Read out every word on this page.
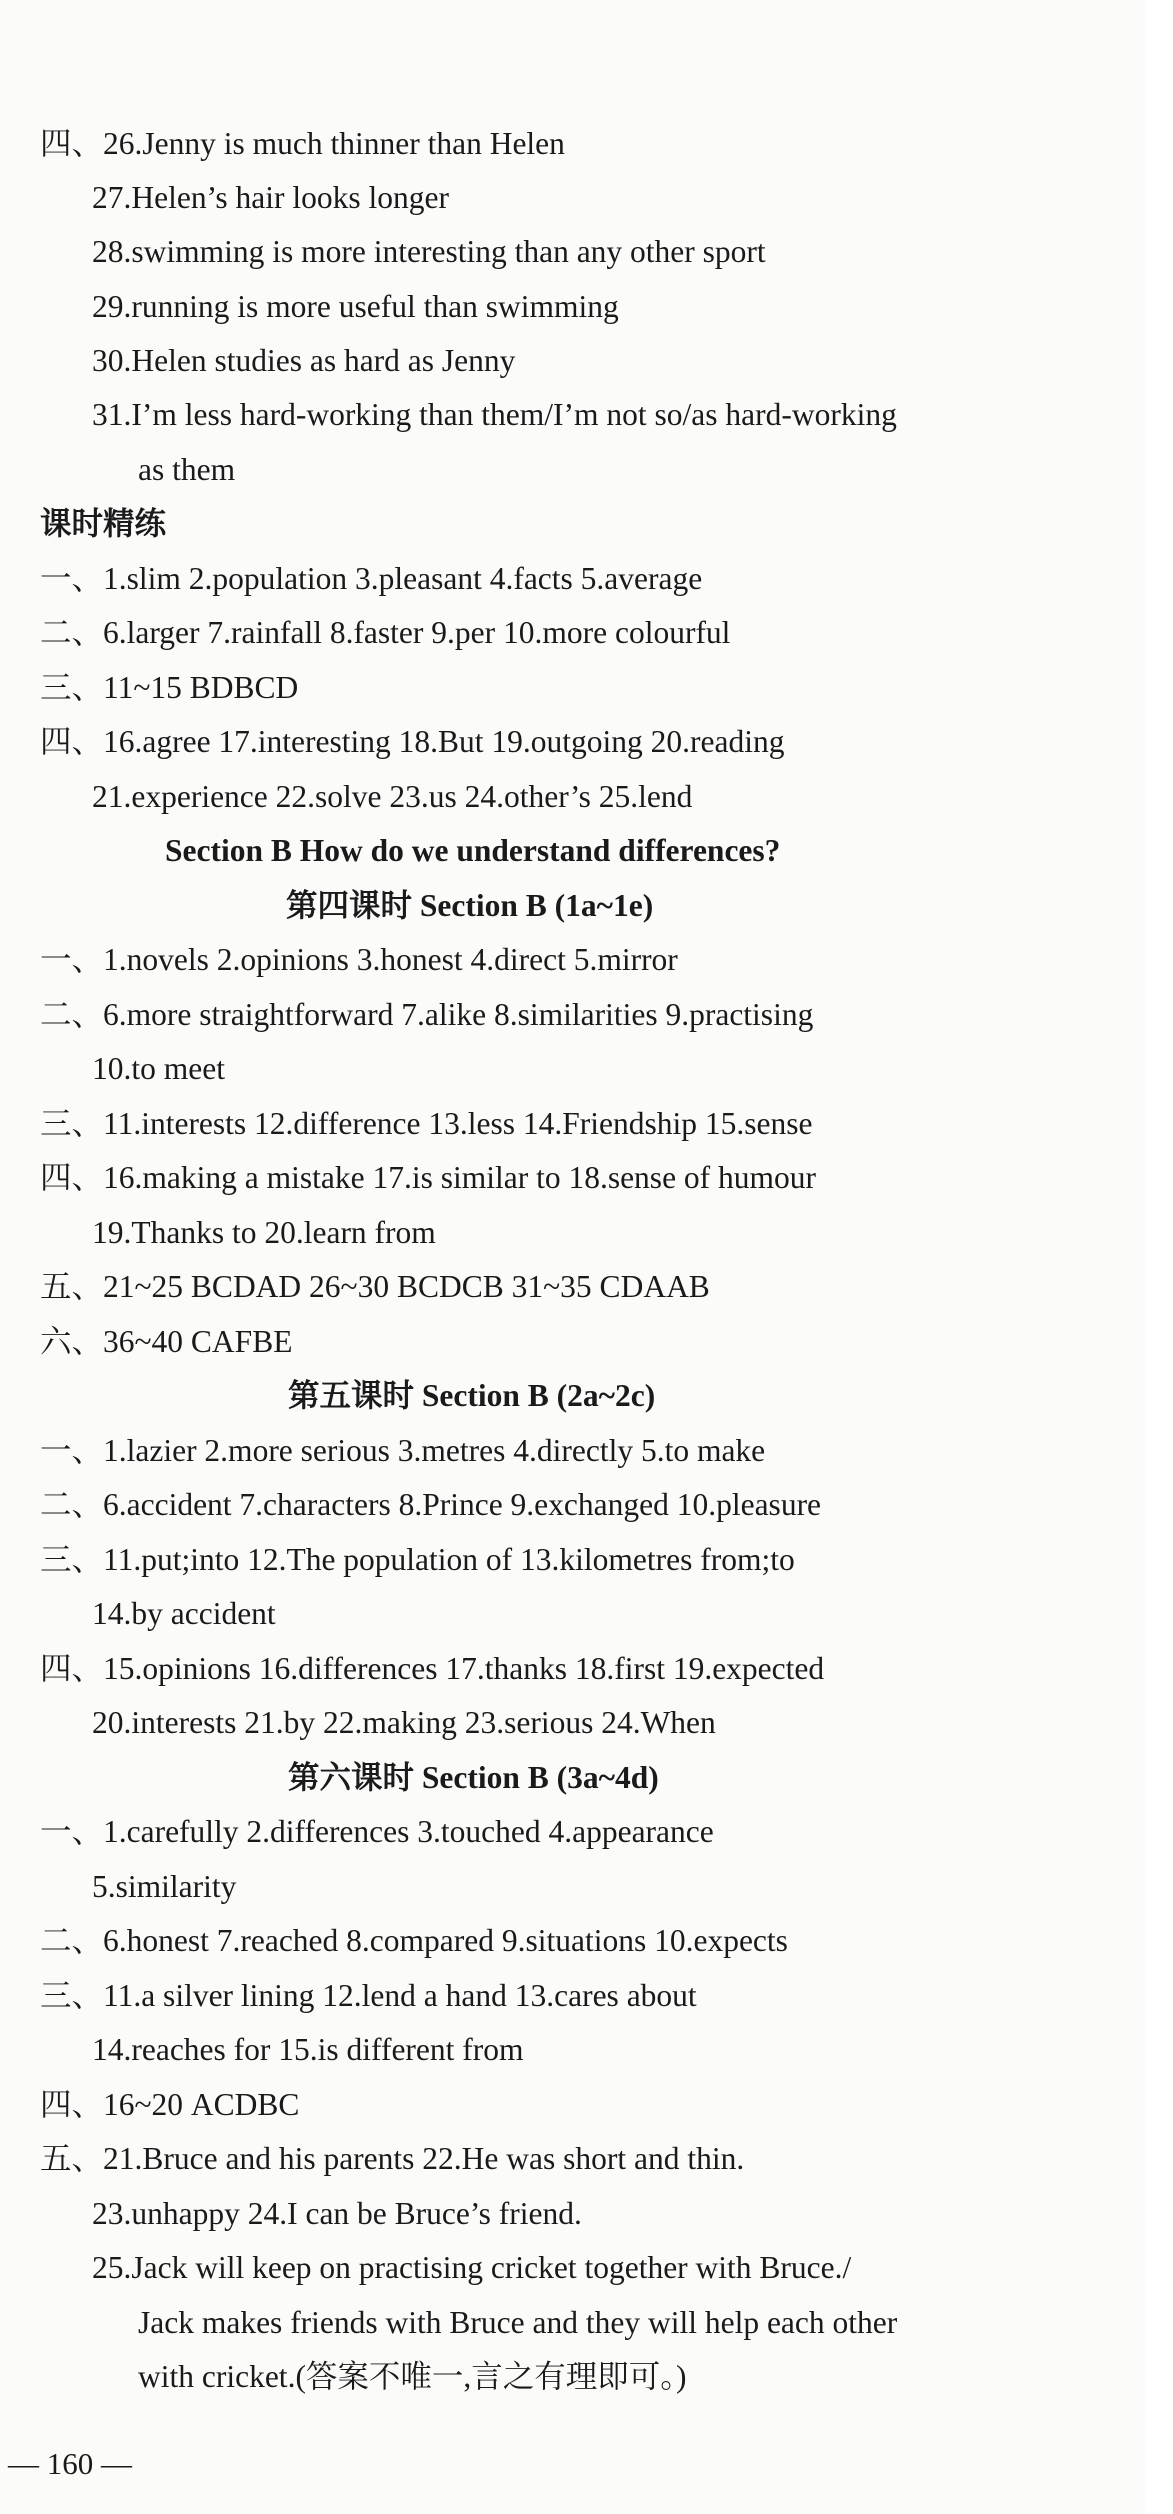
四、26.Jenny is much thinner than Helen
27.Helen’s hair looks longer
28.swimming is more interesting than any other sport
29.running is more useful than swimming
30.Helen studies as hard as Jenny
31.I’m less hard-working than them/I’m not so/as hard-working
as them
课时精练
一、1.slim 2.population 3.pleasant 4.facts 5.average
二、6.larger 7.rainfall 8.faster 9.per 10.more colourful
三、11~15 BDBCD
四、16.agree 17.interesting 18.But 19.outgoing 20.reading
21.experience 22.solve 23.us 24.other’s 25.lend
Section B How do we understand differences?
第四课时 Section B (1a~1e)
一、1.novels 2.opinions 3.honest 4.direct 5.mirror
二、6.more straightforward 7.alike 8.similarities 9.practising
10.to meet
三、11.interests 12.difference 13.less 14.Friendship 15.sense
四、16.making a mistake 17.is similar to 18.sense of humour
19.Thanks to 20.learn from
五、21~25 BCDAD 26~30 BCDCB 31~35 CDAAB
六、36~40 CAFBE
第五课时 Section B (2a~2c)
一、1.lazier 2.more serious 3.metres 4.directly 5.to make
二、6.accident 7.characters 8.Prince 9.exchanged 10.pleasure
三、11.put;into 12.The population of 13.kilometres from;to
14.by accident
四、15.opinions 16.differences 17.thanks 18.first 19.expected
20.interests 21.by 22.making 23.serious 24.When
第六课时 Section B (3a~4d)
一、1.carefully 2.differences 3.touched 4.appearance
5.similarity
二、6.honest 7.reached 8.compared 9.situations 10.expects
三、11.a silver lining 12.lend a hand 13.cares about
14.reaches for 15.is different from
四、16~20 ACDBC
五、21.Bruce and his parents 22.He was short and thin.
23.unhappy 24.I can be Bruce’s friend.
25.Jack will keep on practising cricket together with Bruce./
Jack makes friends with Bruce and they will help each other
with cricket.(答案不唯一,言之有理即可。)
— 160 —
